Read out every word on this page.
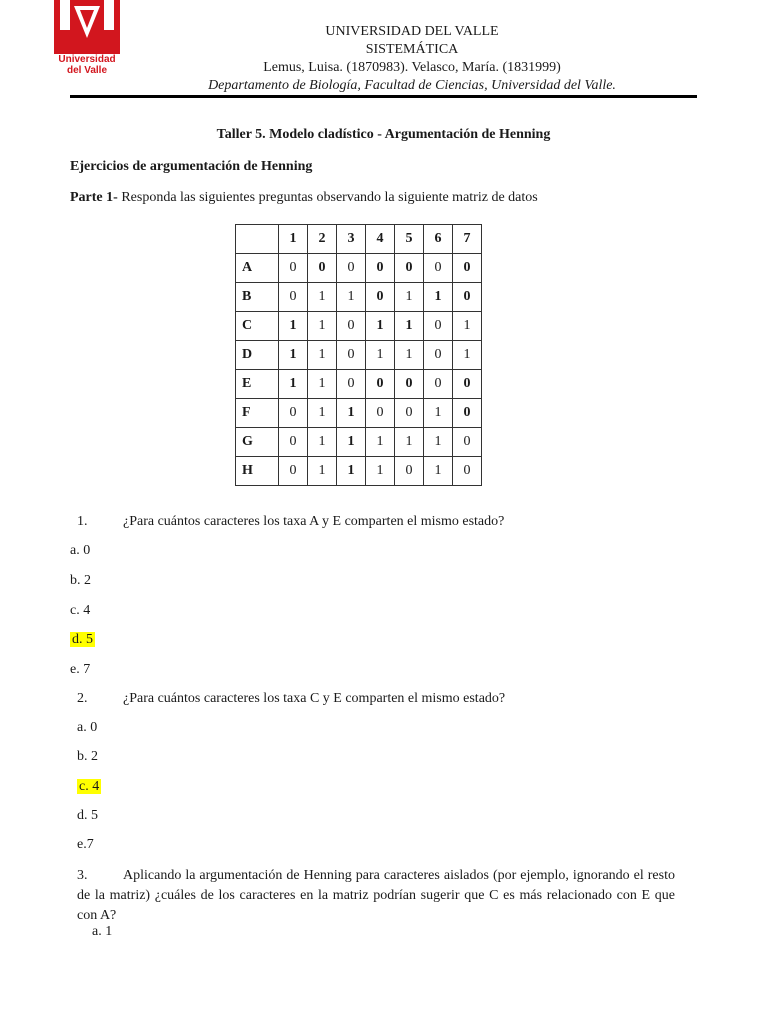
Universidad
del Valle
UNIVERSIDAD DEL VALLE
SISTEMÁTICA
Lemus, Luisa. (1870983). Velasco, María. (1831999)
Departamento de Biología, Facultad de Ciencias, Universidad del Valle.
Taller 5. Modelo cladístico - Argumentación de Henning
Ejercicios de argumentación de Henning
Parte 1- Responda las siguientes preguntas observando la siguiente matriz de datos
	1	2	3	4	5	6	7
A	0	0	0	0	0	0	0
B	0	1	1	0	1	1	0
C	1	1	0	1	1	0	1
D	1	1	0	1	1	0	1
E	1	1	0	0	0	0	0
F	0	1	1	0	0	1	0
G	0	1	1	1	1	1	0
H	0	1	1	1	0	1	0
1.	¿Para cuántos caracteres los taxa A y E comparten el mismo estado?
a. 0
b. 2
c. 4
d. 5
e. 7
2.	¿Para cuántos caracteres los taxa C y E comparten el mismo estado?
a. 0
b. 2
c. 4
d. 5
e.7
3.	Aplicando la argumentación de Henning para caracteres aislados (por ejemplo, ignorando el resto de la matriz) ¿cuáles de los caracteres en la matriz podrían sugerir que C es más relacionado con E que con A?
a. 1
